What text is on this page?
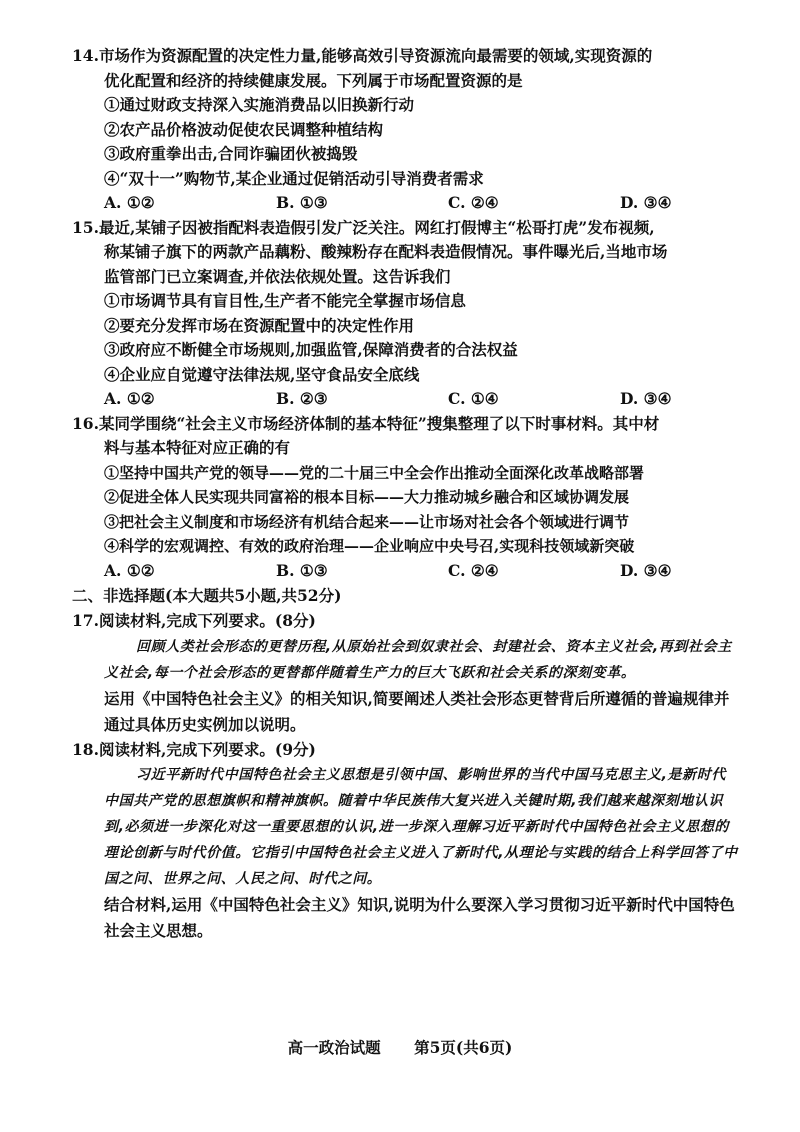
14.市场作为资源配置的决定性力量,能够高效引导资源流向最需要的领域,实现资源的
优化配置和经济的持续健康发展。下列属于市场配置资源的是
①通过财政支持深入实施消费品以旧换新行动
②农产品价格波动促使农民调整种植结构
③政府重拳出击,合同诈骗团伙被捣毁
④“双十一”购物节,某企业通过促销活动引导消费者需求
A. ①②	B. ①③	C. ②④	D. ③④
15.最近,某铺子因被指配料表造假引发广泛关注。网红打假博主“松哥打虎”发布视频,
称某铺子旗下的两款产品藕粉、酸辣粉存在配料表造假情况。事件曝光后,当地市场
监管部门已立案调查,并依法依规处置。这告诉我们
①市场调节具有盲目性,生产者不能完全掌握市场信息
②要充分发挥市场在资源配置中的决定性作用
③政府应不断健全市场规则,加强监管,保障消费者的合法权益
④企业应自觉遵守法律法规,坚守食品安全底线
A. ①②	B. ②③	C. ①④	D. ③④
16.某同学围绕“社会主义市场经济体制的基本特征”搜集整理了以下时事材料。其中材
料与基本特征对应正确的有
①坚持中国共产党的领导——党的二十届三中全会作出推动全面深化改革战略部署
②促进全体人民实现共同富裕的根本目标——大力推动城乡融合和区域协调发展
③把社会主义制度和市场经济有机结合起来——让市场对社会各个领域进行调节
④科学的宏观调控、有效的政府治理——企业响应中央号召,实现科技领域新突破
A. ①②	B. ①③	C. ②④	D. ③④
二、非选择题(本大题共5小题,共52分)
17.阅读材料,完成下列要求。(8分)

回顾人类社会形态的更替历程,从原始社会到奴隶社会、封建社会、资本主义社会,再到社会主义社会,每一个社会形态的更替都伴随着生产力的巨大飞跃和社会关系的深刻变革。

运用《中国特色社会主义》的相关知识,简要阐述人类社会形态更替背后所遵循的普遍规律并通过具体历史实例加以说明。
18.阅读材料,完成下列要求。(9分)

习近平新时代中国特色社会主义思想是引领中国、影响世界的当代中国马克思主义,是新时代中国共产党的思想旗帜和精神旗帜。随着中华民族伟大复兴进入关键时期,我们越来越深刻地认识到,必须进一步深化对这一重要思想的认识,进一步深入理解习近平新时代中国特色社会主义思想的理论创新与时代价值。它指引中国特色社会主义进入了新时代,从理论与实践的结合上科学回答了中国之问、世界之问、人民之问、时代之问。

结合材料,运用《中国特色社会主义》知识,说明为什么要深入学习贯彻习近平新时代中国特色社会主义思想。
高一政治试题 第5页(共6页)
